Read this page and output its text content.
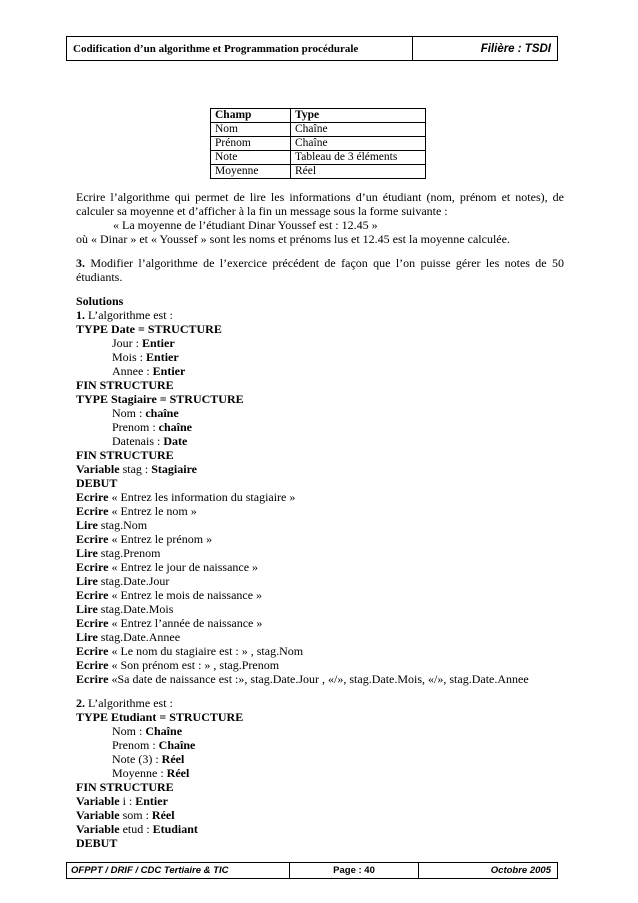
Codification d’un algorithme et Programmation procédurale	Filière : TSDI
Champ	Type
Nom	Chaîne
Prénom	Chaîne
Note	Tableau de 3 éléments
Moyenne	Réel

Ecrire l’algorithme qui permet de lire les informations d’un étudiant (nom, prénom et notes), de calculer sa moyenne et d’afficher à la fin un message sous la forme suivante :

« La moyenne de l’étudiant Dinar Youssef est : 12.45 »

où « Dinar » et « Youssef » sont les noms et prénoms lus et 12.45 est la moyenne calculée.

3. Modifier l’algorithme de l’exercice précédent de façon que l’on puisse gérer les notes de 50 étudiants.

Solutions

1. L’algorithme est :

TYPE Date = STRUCTURE

Jour : Entier

Mois : Entier

Annee : Entier

FIN STRUCTURE

TYPE Stagiaire = STRUCTURE

Nom : chaîne

Prenom : chaîne

Datenais : Date

FIN STRUCTURE

Variable stag : Stagiaire

DEBUT

Ecrire « Entrez les information du stagiaire »

Ecrire « Entrez le nom »

Lire stag.Nom

Ecrire « Entrez le prénom »

Lire stag.Prenom

Ecrire « Entrez le jour de naissance »

Lire stag.Date.Jour

Ecrire « Entrez le mois de naissance »

Lire stag.Date.Mois

Ecrire « Entrez l’année de naissance »

Lire stag.Date.Annee

Ecrire « Le nom du stagiaire est : » , stag.Nom

Ecrire « Son prénom est : » , stag.Prenom

Ecrire «Sa date de naissance est :», stag.Date.Jour , «/», stag.Date.Mois, «/», stag.Date.Annee

2. L’algorithme est :

TYPE Etudiant = STRUCTURE

Nom : Chaîne

Prenom : Chaîne

Note (3) : Réel

Moyenne : Réel

FIN STRUCTURE

Variable i : Entier

Variable som : Réel

Variable etud : Etudiant

DEBUT

OFPPT / DRIF / CDC Tertiaire & TIC	Page : 40	Octobre 2005
